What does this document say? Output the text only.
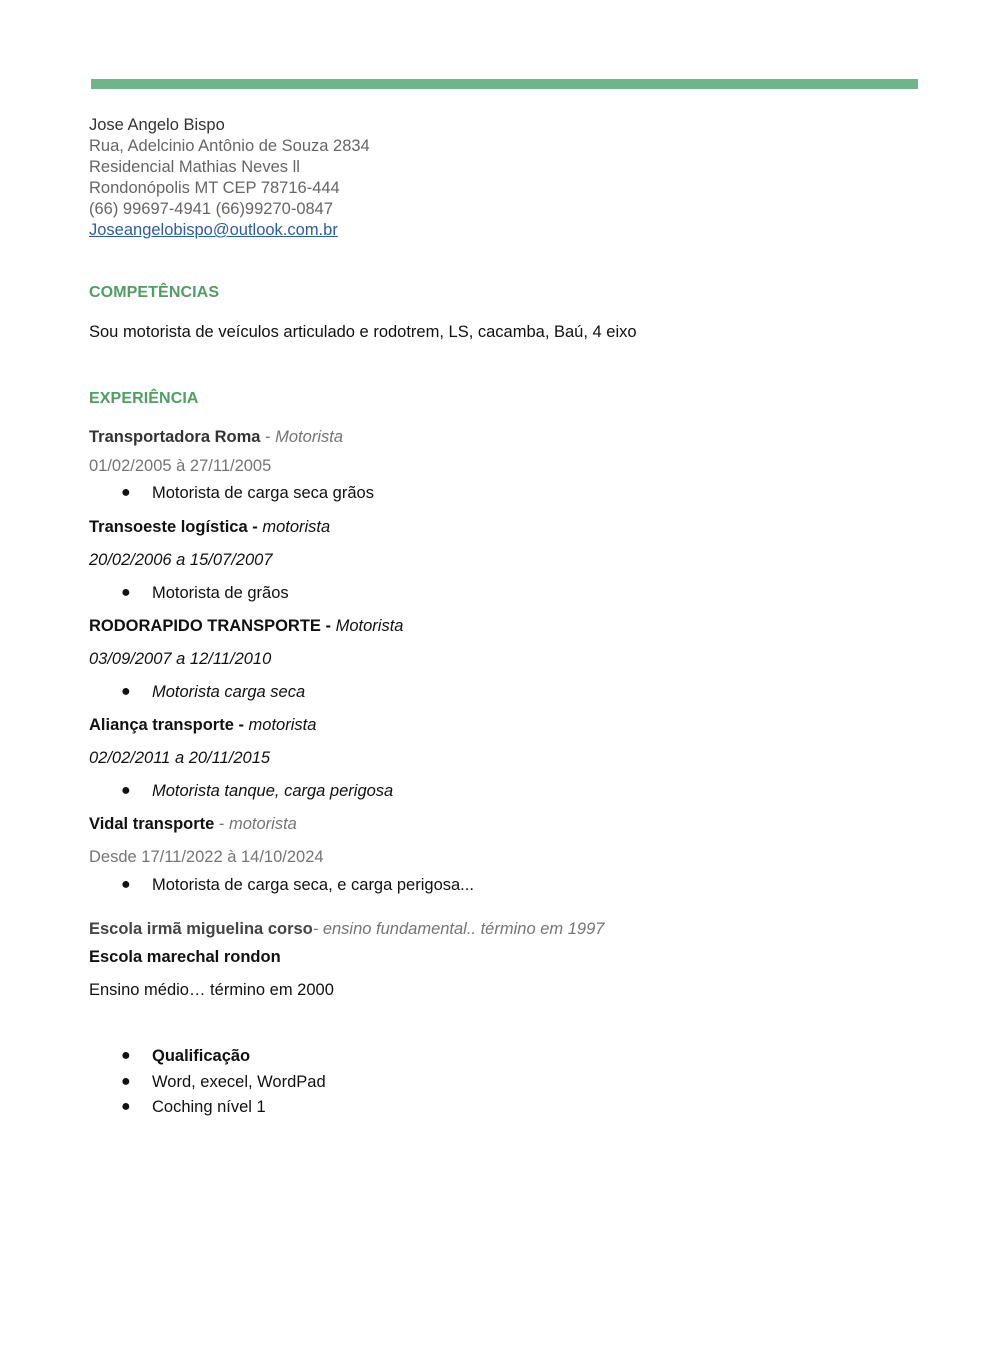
Jose Angelo Bispo
Rua, Adelcinio Antônio de Souza 2834
Residencial Mathias Neves ll
Rondonópolis MT CEP 78716-444
(66) 99697-4941 (66)99270-0847
Joseangelobispo@outlook.com.br
COMPETÊNCIAS
Sou motorista de veículos articulado e rodotrem, LS, cacamba, Baú, 4 eixo
EXPERIÊNCIA
Transportadora Roma - Motorista
01/02/2005 à 27/11/2005
● Motorista de carga seca grãos
Transoeste logística - motorista
20/02/2006 a 15/07/2007
● Motorista de grãos
RODORAPIDO TRANSPORTE - Motorista
03/09/2007 a 12/11/2010
● Motorista carga seca
Aliança transporte - motorista
02/02/2011 a 20/11/2015
● Motorista tanque, carga perigosa
Vidal transporte - motorista
Desde 17/11/2022 à 14/10/2024
● Motorista de carga seca, e carga perigosa...
Escola irmã miguelina corso- ensino fundamental.. término em 1997
Escola marechal rondon
Ensino médio… término em 2000
● Qualificação
● Word, execel, WordPad
● Coching nível 1
